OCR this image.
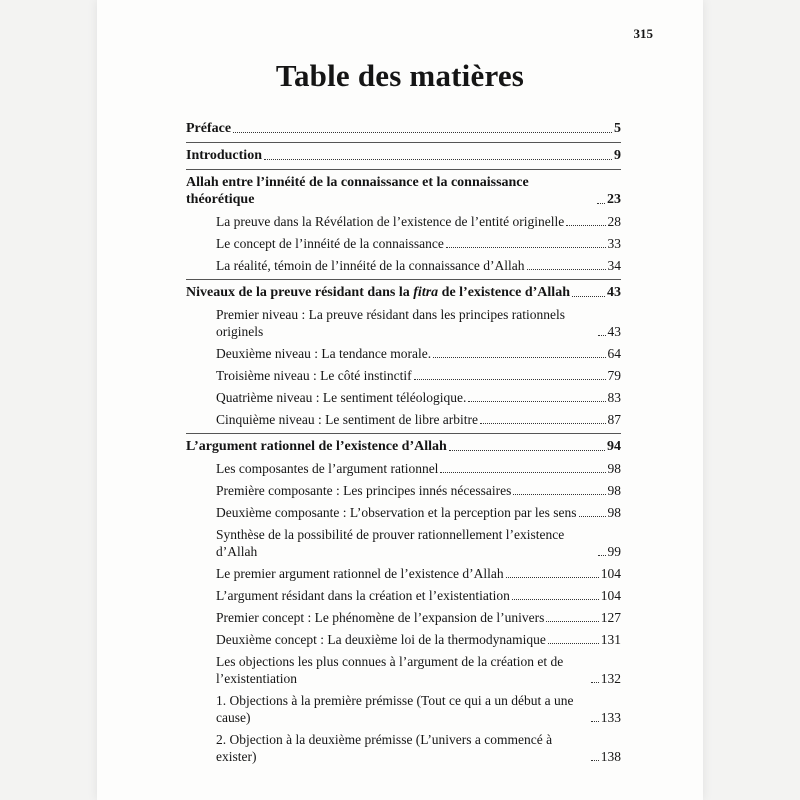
315
Table des matières
Préface	5
Introduction	9
Allah entre l’innéité de la connaissance et la connaissance théorétique	23
La preuve dans la Révélation de l’existence de l’entité originelle	28
Le concept de l’innéité de la connaissance	33
La réalité, témoin de l’innéité de la connaissance d’Allah	34
Niveaux de la preuve résidant dans la fitra de l’existence d’Allah	43
Premier niveau : La preuve résidant dans les principes rationnels originels	43
Deuxième niveau : La tendance morale.	64
Troisième niveau : Le côté instinctif	79
Quatrième niveau : Le sentiment téléologique.	83
Cinquième niveau : Le sentiment de libre arbitre	87
L’argument rationnel de l’existence d’Allah	94
Les composantes de l’argument rationnel	98
Première composante : Les principes innés nécessaires	98
Deuxième composante : L’observation et la perception par les sens 98
Synthèse de la possibilité de prouver rationnellement l’existence d’Allah	99
Le premier argument rationnel de l’existence d’Allah	104
L’argument résidant dans la création et l’existentiation	104
Premier concept : Le phénomène de l’expansion de l’univers	127
Deuxième concept : La deuxième loi de la thermodynamique	131
Les objections les plus connues à l’argument de la création et de l’existentiation	132
1. Objections à la première prémisse (Tout ce qui a un début a une cause)	133
2. Objection à la deuxième prémisse (L’univers a commencé à exister)	138
